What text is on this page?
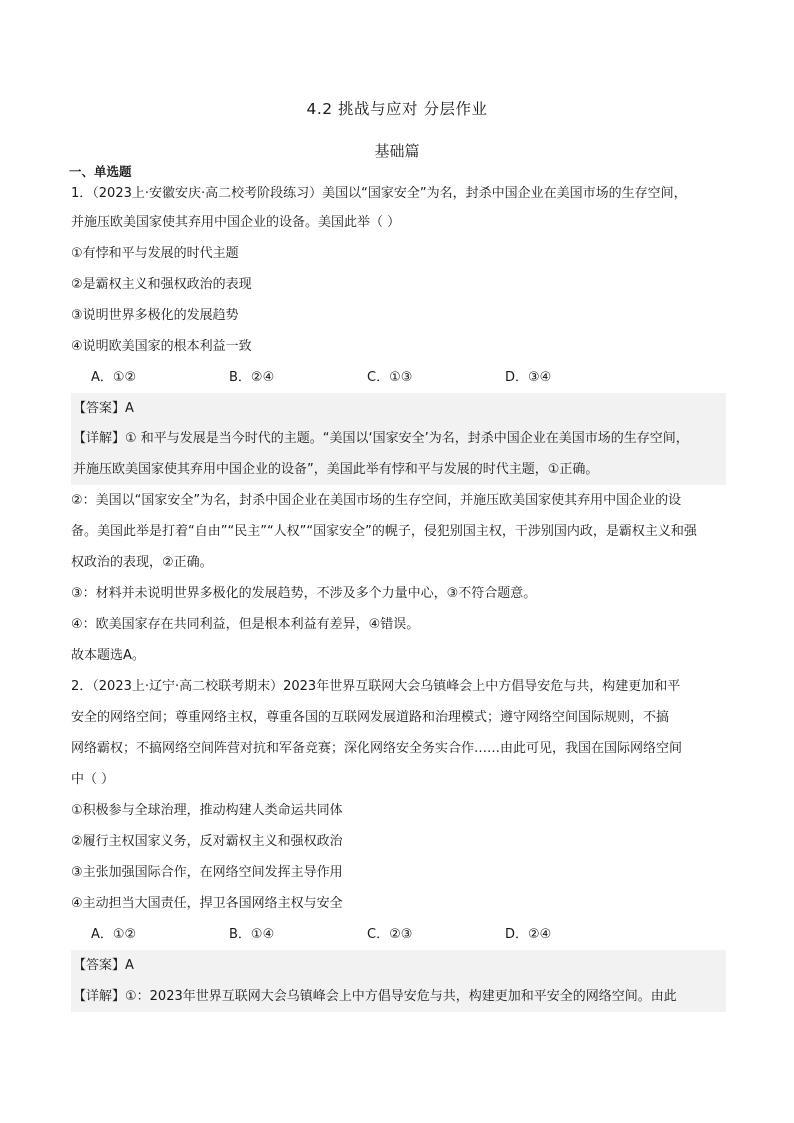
4.2 挑战与应对 分层作业
基础篇
一、单选题
1．（2023上·安徽安庆·高二校考阶段练习）美国以“国家安全”为名，封杀中国企业在美国市场的生存空间，
并施压欧美国家使其弃用中国企业的设备。美国此举（ ）
①有悖和平与发展的时代主题
②是霸权主义和强权政治的表现
③说明世界多极化的发展趋势
④说明欧美国家的根本利益一致
A．①②	B．②④	C．①③	D．③④
【答案】A
【详解】① 和平与发展是当今时代的主题。“美国以‘国家安全’为名，封杀中国企业在美国市场的生存空间，
并施压欧美国家使其弃用中国企业的设备”，美国此举有悖和平与发展的时代主题，①正确。
②：美国以“国家安全”为名，封杀中国企业在美国市场的生存空间，并施压欧美国家使其弃用中国企业的设
备。美国此举是打着“自由”“民主”“人权”“国家安全”的幌子，侵犯别国主权，干涉别国内政，是霸权主义和强
权政治的表现，②正确。
③：材料并未说明世界多极化的发展趋势，不涉及多个力量中心，③不符合题意。
④：欧美国家存在共同利益，但是根本利益有差异，④错误。
故本题选A。
2．（2023上·辽宁·高二校联考期末）2023年世界互联网大会乌镇峰会上中方倡导安危与共，构建更加和平
安全的网络空间；尊重网络主权，尊重各国的互联网发展道路和治理模式；遵守网络空间国际规则，不搞
网络霸权；不搞网络空间阵营对抗和军备竞赛；深化网络安全务实合作……由此可见，我国在国际网络空间
中（ ）
①积极参与全球治理，推动构建人类命运共同体
②履行主权国家义务，反对霸权主义和强权政治
③主张加强国际合作，在网络空间发挥主导作用
④主动担当大国责任，捍卫各国网络主权与安全
A．①②	B．①④	C．②③	D．②④
【答案】A
【详解】①：2023年世界互联网大会乌镇峰会上中方倡导安危与共，构建更加和平安全的网络空间。由此
